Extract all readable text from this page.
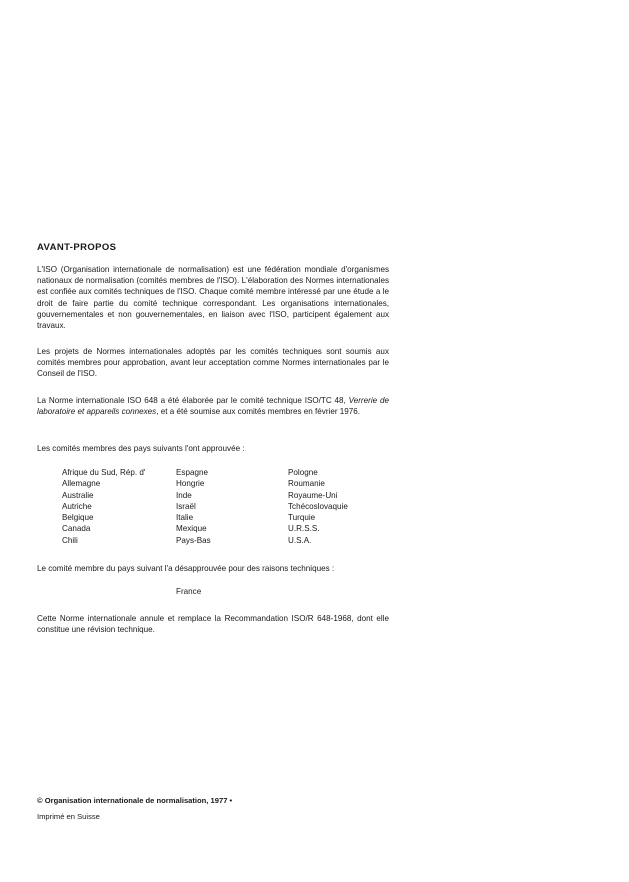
AVANT-PROPOS

L'ISO (Organisation internationale de normalisation) est une fédération mondiale d'organismes nationaux de normalisation (comités membres de l'ISO). L'élaboration des Normes internationales est confiée aux comités techniques de l'ISO. Chaque comité membre intéressé par une étude a le droit de faire partie du comité technique correspondant. Les organisations internationales, gouvernementales et non gouvernementales, en liaison avec l'ISO, participent également aux travaux.

Les projets de Normes internationales adoptés par les comités techniques sont soumis aux comités membres pour approbation, avant leur acceptation comme Normes internationales par le Conseil de l'ISO.

La Norme internationale ISO 648 a été élaborée par le comité technique ISO/TC 48, Verrerie de laboratoire et appareils connexes, et a été soumise aux comités membres en février 1976.

Les comités membres des pays suivants l'ont approuvée :

Afrique du Sud, Rép. d'
Allemagne
Australie
Autriche
Belgique
Canada
Chili
Espagne
Hongrie
Inde
Israël
Italie
Mexique
Pays-Bas
Pologne
Roumanie
Royaume-Uni
Tchécoslovaquie
Turquie
U.R.S.S.
U.S.A.

Le comité membre du pays suivant l'a désapprouvée pour des raisons techniques :

France

Cette Norme internationale annule et remplace la Recommandation ISO/R 648-1968, dont elle constitue une révision technique.

© Organisation internationale de normalisation, 1977 •
Imprimé en Suisse
